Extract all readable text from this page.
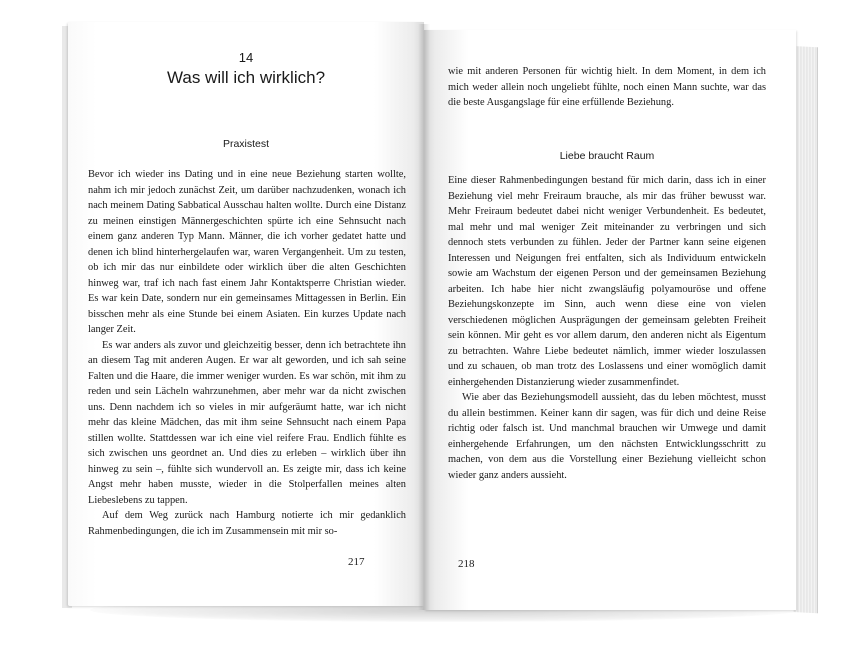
14
Was will ich wirklich?
Praxistest

Bevor ich wieder ins Dating und in eine neue Beziehung starten wollte, nahm ich mir jedoch zunächst Zeit, um darüber nachzudenken, wonach ich nach meinem Dating Sabbatical Ausschau halten wollte. Durch eine Distanz zu meinen einstigen Männergeschichten spürte ich eine Sehnsucht nach einem ganz anderen Typ Mann. Männer, die ich vorher gedatet hatte und denen ich blind hinterhergelaufen war, waren Vergangenheit. Um zu testen, ob ich mir das nur einbildete oder wirklich über die alten Geschichten hinweg war, traf ich nach fast einem Jahr Kontaktsperre Christian wieder. Es war kein Date, sondern nur ein gemeinsames Mittagessen in Berlin. Ein bisschen mehr als eine Stunde bei einem Asiaten. Ein kurzes Update nach langer Zeit.

Es war anders als zuvor und gleichzeitig besser, denn ich betrachtete ihn an diesem Tag mit anderen Augen. Er war alt geworden, und ich sah seine Falten und die Haare, die immer weniger wurden. Es war schön, mit ihm zu reden und sein Lächeln wahrzunehmen, aber mehr war da nicht zwischen uns. Denn nachdem ich so vieles in mir aufgeräumt hatte, war ich nicht mehr das kleine Mädchen, das mit ihm seine Sehnsucht nach einem Papa stillen wollte. Stattdessen war ich eine viel reifere Frau. Endlich fühlte es sich zwischen uns geordnet an. Und dies zu erleben – wirklich über ihn hinweg zu sein –, fühlte sich wundervoll an. Es zeigte mir, dass ich keine Angst mehr haben musste, wieder in die Stolperfallen meines alten Liebeslebens zu tappen.

Auf dem Weg zurück nach Hamburg notierte ich mir gedanklich Rahmenbedingungen, die ich im Zusammensein mit mir so-

217

wie mit anderen Personen für wichtig hielt. In dem Moment, in dem ich mich weder allein noch ungeliebt fühlte, noch einen Mann suchte, war das die beste Ausgangslage für eine erfüllende Beziehung.

Liebe braucht Raum

Eine dieser Rahmenbedingungen bestand für mich darin, dass ich in einer Beziehung viel mehr Freiraum brauche, als mir das früher bewusst war. Mehr Freiraum bedeutet dabei nicht weniger Verbundenheit. Es bedeutet, mal mehr und mal weniger Zeit miteinander zu verbringen und sich dennoch stets verbunden zu fühlen. Jeder der Partner kann seine eigenen Interessen und Neigungen frei entfalten, sich als Individuum entwickeln sowie am Wachstum der eigenen Person und der gemeinsamen Beziehung arbeiten. Ich habe hier nicht zwangsläufig polyamouröse und offene Beziehungskonzepte im Sinn, auch wenn diese eine von vielen verschiedenen möglichen Ausprägungen der gemeinsam gelebten Freiheit sein können. Mir geht es vor allem darum, den anderen nicht als Eigentum zu betrachten. Wahre Liebe bedeutet nämlich, immer wieder loszulassen und zu schauen, ob man trotz des Loslassens und einer womöglich damit einhergehenden Distanzierung wieder zusammenfindet.

Wie aber das Beziehungsmodell aussieht, das du leben möchtest, musst du allein bestimmen. Keiner kann dir sagen, was für dich und deine Reise richtig oder falsch ist. Und manchmal brauchen wir Umwege und damit einhergehende Erfahrungen, um den nächsten Entwicklungsschritt zu machen, von dem aus die Vorstellung einer Beziehung vielleicht schon wieder ganz anders aussieht.

218
